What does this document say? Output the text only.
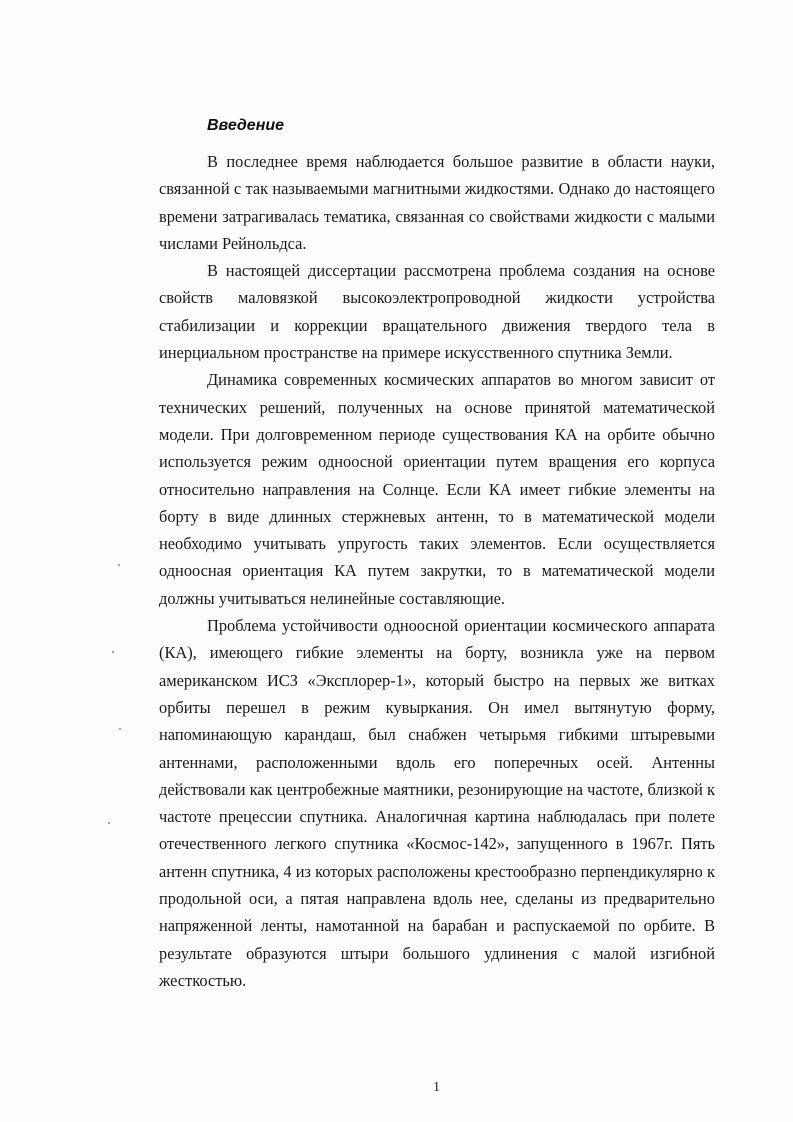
Введение

В последнее время наблюдается большое развитие в области науки, связанной с так называемыми магнитными жидкостями. Однако до настоящего времени затрагивалась тематика, связанная со свойствами жидкости с малыми числами Рейнольдса.

В настоящей диссертации рассмотрена проблема создания на основе свойств маловязкой высокоэлектропроводной жидкости устройства стабилизации и коррекции вращательного движения твердого тела в инерциальном пространстве на примере искусственного спутника Земли.

Динамика современных космических аппаратов во многом зависит от технических решений, полученных на основе принятой математической модели. При долговременном периоде существования КА на орбите обычно используется режим одноосной ориентации путем вращения его корпуса относительно направления на Солнце. Если КА имеет гибкие элементы на борту в виде длинных стержневых антенн, то в математической модели необходимо учитывать упругость таких элементов. Если осуществляется одноосная ориентация КА путем закрутки, то в математической модели должны учитываться нелинейные составляющие.

Проблема устойчивости одноосной ориентации космического аппарата (КА), имеющего гибкие элементы на борту, возникла уже на первом американском ИСЗ «Эксплорер-1», который быстро на первых же витках орбиты перешел в режим кувыркания. Он имел вытянутую форму, напоминающую карандаш, был снабжен четырьмя гибкими штыревыми антеннами, расположенными вдоль его поперечных осей. Антенны действовали как центробежные маятники, резонирующие на частоте, близкой к частоте прецессии спутника. Аналогичная картина наблюдалась при полете отечественного легкого спутника «Космос-142», запущенного в 1967г. Пять антенн спутника, 4 из которых расположены крестообразно перпендикулярно к продольной оси, а пятая направлена вдоль нее, сделаны из предварительно напряженной ленты, намотанной на барабан и распускаемой по орбите. В результате образуются штыри большого удлинения с малой изгибной жесткостью.

1
